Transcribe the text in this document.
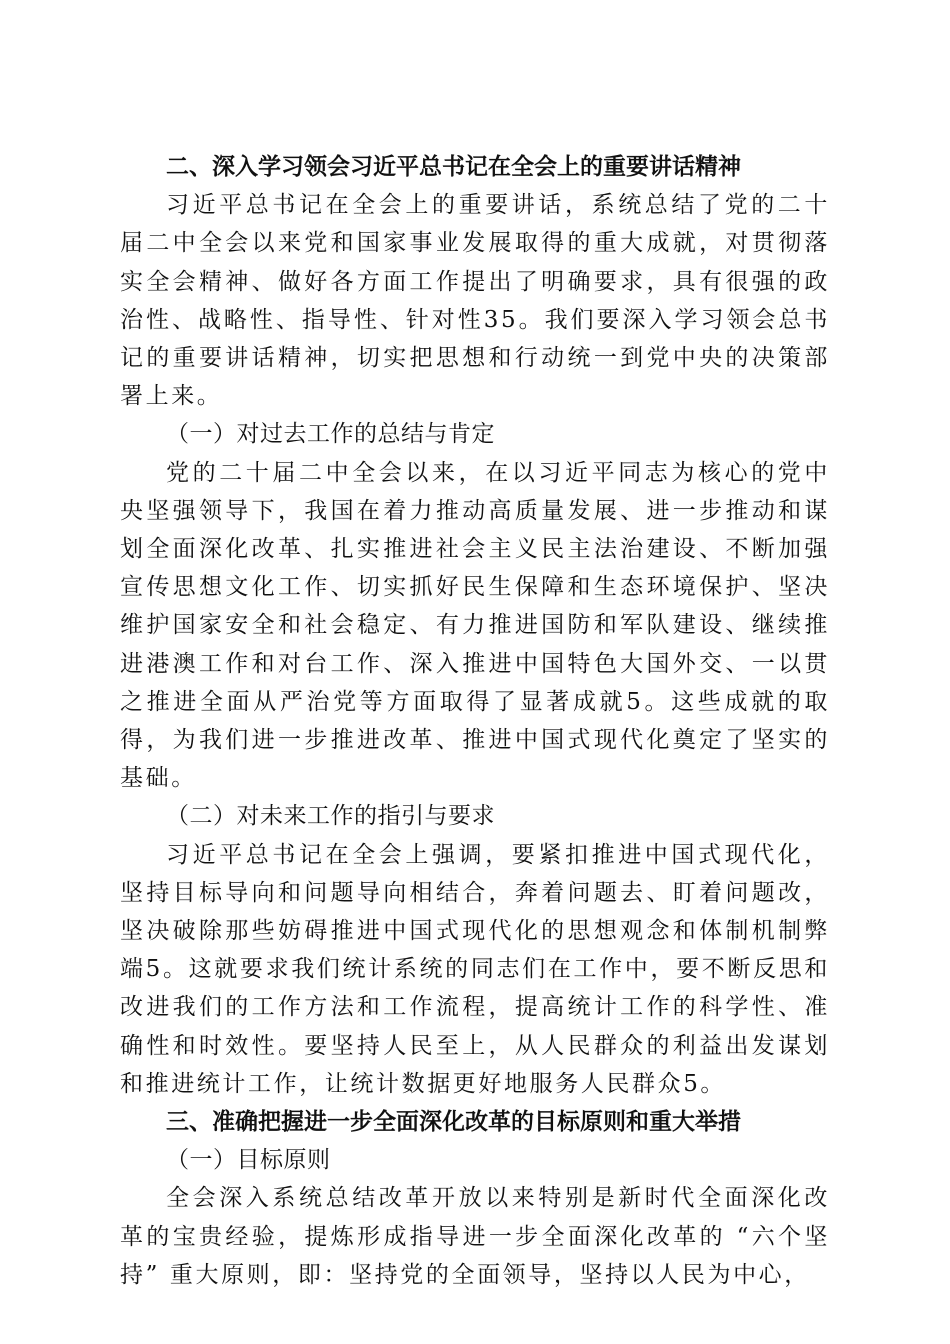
二、深入学习领会习近平总书记在全会上的重要讲话精神

习近平总书记在全会上的重要讲话，系统总结了党的二十届二中全会以来党和国家事业发展取得的重大成就，对贯彻落实全会精神、做好各方面工作提出了明确要求，具有很强的政治性、战略性、指导性、针对性35。我们要深入学习领会总书记的重要讲话精神，切实把思想和行动统一到党中央的决策部署上来。

（一）对过去工作的总结与肯定

党的二十届二中全会以来，在以习近平同志为核心的党中央坚强领导下，我国在着力推动高质量发展、进一步推动和谋划全面深化改革、扎实推进社会主义民主法治建设、不断加强宣传思想文化工作、切实抓好民生保障和生态环境保护、坚决维护国家安全和社会稳定、有力推进国防和军队建设、继续推进港澳工作和对台工作、深入推进中国特色大国外交、一以贯之推进全面从严治党等方面取得了显著成就5。这些成就的取得，为我们进一步推进改革、推进中国式现代化奠定了坚实的基础。

（二）对未来工作的指引与要求

习近平总书记在全会上强调，要紧扣推进中国式现代化，坚持目标导向和问题导向相结合，奔着问题去、盯着问题改，坚决破除那些妨碍推进中国式现代化的思想观念和体制机制弊端5。这就要求我们统计系统的同志们在工作中，要不断反思和改进我们的工作方法和工作流程，提高统计工作的科学性、准确性和时效性。要坚持人民至上，从人民群众的利益出发谋划和推进统计工作，让统计数据更好地服务人民群众5。

三、准确把握进一步全面深化改革的目标原则和重大举措

（一）目标原则

全会深入系统总结改革开放以来特别是新时代全面深化改革的宝贵经验，提炼形成指导进一步全面深化改革的 “六个坚持” 重大原则，即：坚持党的全面领导，坚持以人民为中心，
